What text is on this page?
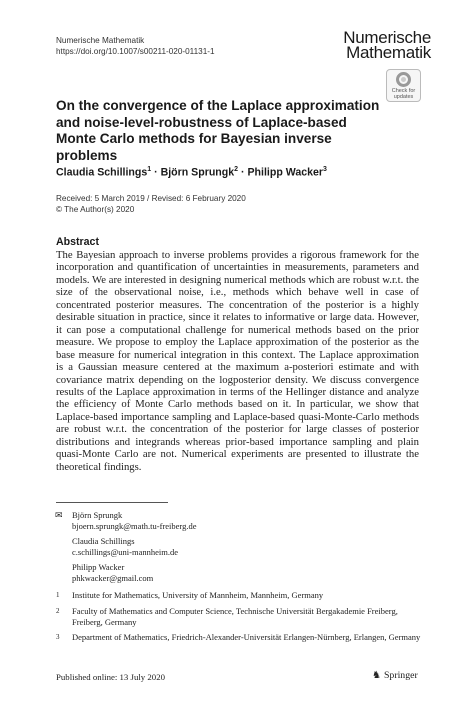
Numerische Mathematik
https://doi.org/10.1007/s00211-020-01131-1
Numerische
Mathematik
Check for
updates
On the convergence of the Laplace approximation and noise-level-robustness of Laplace-based Monte Carlo methods for Bayesian inverse problems
Claudia Schillings$^1$ · Björn Sprungk$^2$ · Philipp Wacker$^3$
Received: 5 March 2019 / Revised: 6 February 2020
© The Author(s) 2020
Abstract
The Bayesian approach to inverse problems provides a rigorous framework for the incorporation and quantification of uncertainties in measurements, parameters and models. We are interested in designing numerical methods which are robust w.r.t. the size of the observational noise, i.e., methods which behave well in case of concentrated posterior measures. The concentration of the posterior is a highly desirable situation in practice, since it relates to informative or large data. However, it can pose a computational challenge for numerical methods based on the prior measure. We propose to employ the Laplace approximation of the posterior as the base measure for numerical integration in this context. The Laplace approximation is a Gaussian measure centered at the maximum a-posteriori estimate and with covariance matrix depending on the logposterior density. We discuss convergence results of the Laplace approximation in terms of the Hellinger distance and analyze the efficiency of Monte Carlo methods based on it. In particular, we show that Laplace-based importance sampling and Laplace-based quasi-Monte-Carlo methods are robust w.r.t. the concentration of the posterior for large classes of posterior distributions and integrands whereas prior-based importance sampling and plain quasi-Monte Carlo are not. Numerical experiments are presented to illustrate the theoretical findings.
✉ Björn Sprungk
bjoern.sprungk@math.tu-freiberg.de
Claudia Schillings
c.schillings@uni-mannheim.de
Philipp Wacker
phkwacker@gmail.com
1 Institute for Mathematics, University of Mannheim, Mannheim, Germany
2 Faculty of Mathematics and Computer Science, Technische Universität Bergakademie Freiberg, Freiberg, Germany
3 Department of Mathematics, Friedrich-Alexander-Universität Erlangen-Nürnberg, Erlangen, Germany
Published online: 13 July 2020	♞ Springer
